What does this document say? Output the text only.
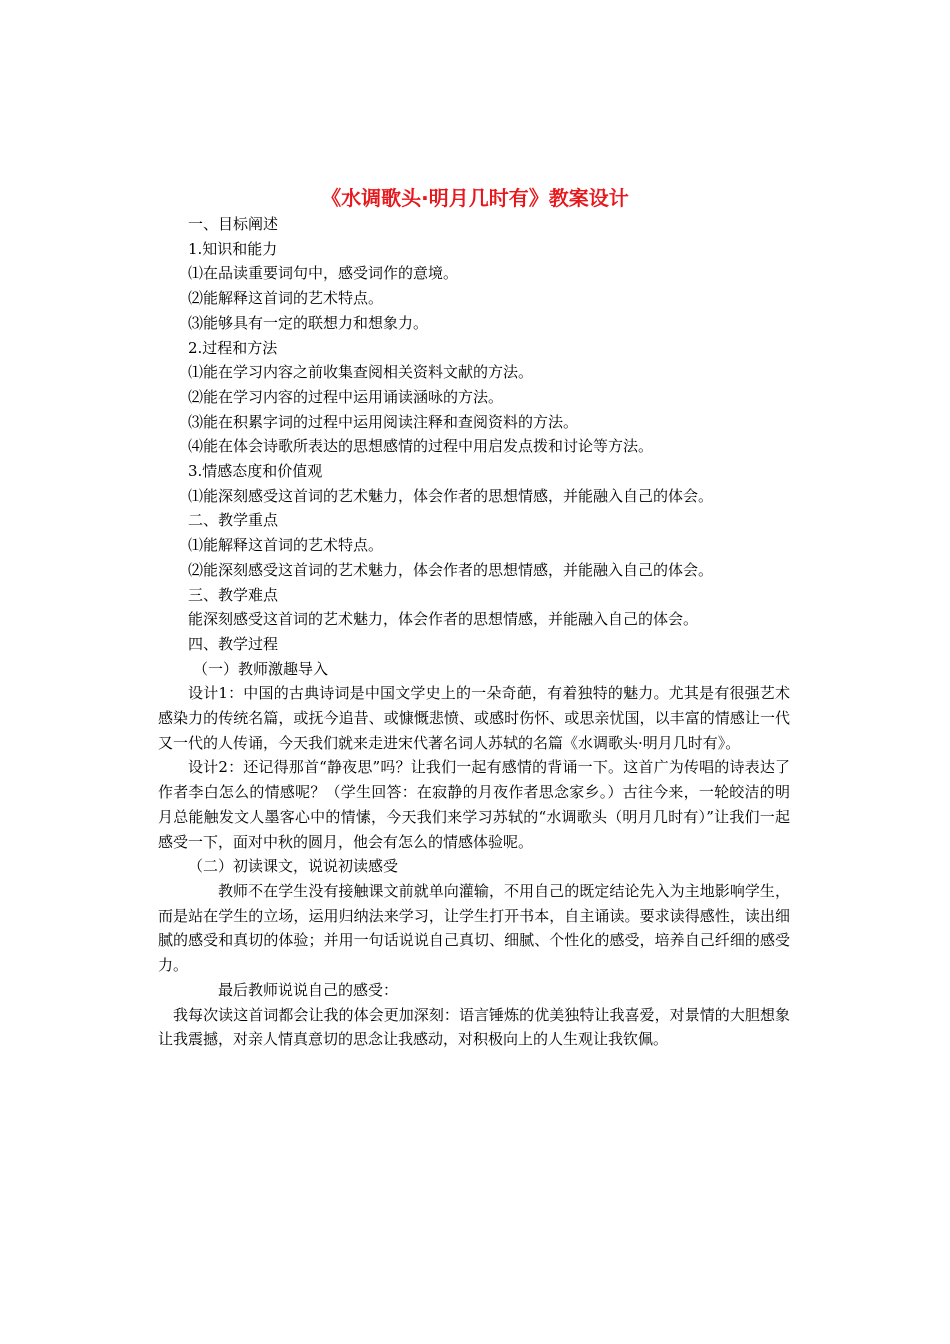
《水调歌头·明月几时有》教案设计
一、目标阐述
1.知识和能力
⑴在品读重要词句中，感受词作的意境。
⑵能解释这首词的艺术特点。
⑶能够具有一定的联想力和想象力。
2.过程和方法
⑴能在学习内容之前收集查阅相关资料文献的方法。
⑵能在学习内容的过程中运用诵读涵咏的方法。
⑶能在积累字词的过程中运用阅读注释和查阅资料的方法。
⑷能在体会诗歌所表达的思想感情的过程中用启发点拨和讨论等方法。
3.情感态度和价值观
⑴能深刻感受这首词的艺术魅力，体会作者的思想情感，并能融入自己的体会。
二、教学重点
⑴能解释这首词的艺术特点。
⑵能深刻感受这首词的艺术魅力，体会作者的思想情感，并能融入自己的体会。
三、教学难点
能深刻感受这首词的艺术魅力，体会作者的思想情感，并能融入自己的体会。
四、教学过程
（一）教师激趣导入
设计1：中国的古典诗词是中国文学史上的一朵奇葩，有着独特的魅力。尤其是有很强艺术感染力的传统名篇，或抚今追昔、或慷慨悲愤、或感时伤怀、或思亲忧国，以丰富的情感让一代又一代的人传诵，今天我们就来走进宋代著名词人苏轼的名篇《水调歌头·明月几时有》。
设计2：还记得那首“静夜思”吗？让我们一起有感情的背诵一下。这首广为传唱的诗表达了作者李白怎么的情感呢？（学生回答：在寂静的月夜作者思念家乡。）古往今来，一轮皎洁的明月总能触发文人墨客心中的情愫，今天我们来学习苏轼的“水调歌头（明月几时有）”让我们一起感受一下，面对中秋的圆月，他会有怎么的情感体验呢。
（二）初读课文，说说初读感受
教师不在学生没有接触课文前就单向灌输，不用自己的既定结论先入为主地影响学生，而是站在学生的立场，运用归纳法来学习，让学生打开书本，自主诵读。要求读得感性，读出细腻的感受和真切的体验；并用一句话说说自己真切、细腻、个性化的感受，培养自己纤细的感受力。
最后教师说说自己的感受：
我每次读这首词都会让我的体会更加深刻：语言锤炼的优美独特让我喜爱，对景情的大胆想象让我震撼，对亲人情真意切的思念让我感动，对积极向上的人生观让我钦佩。
